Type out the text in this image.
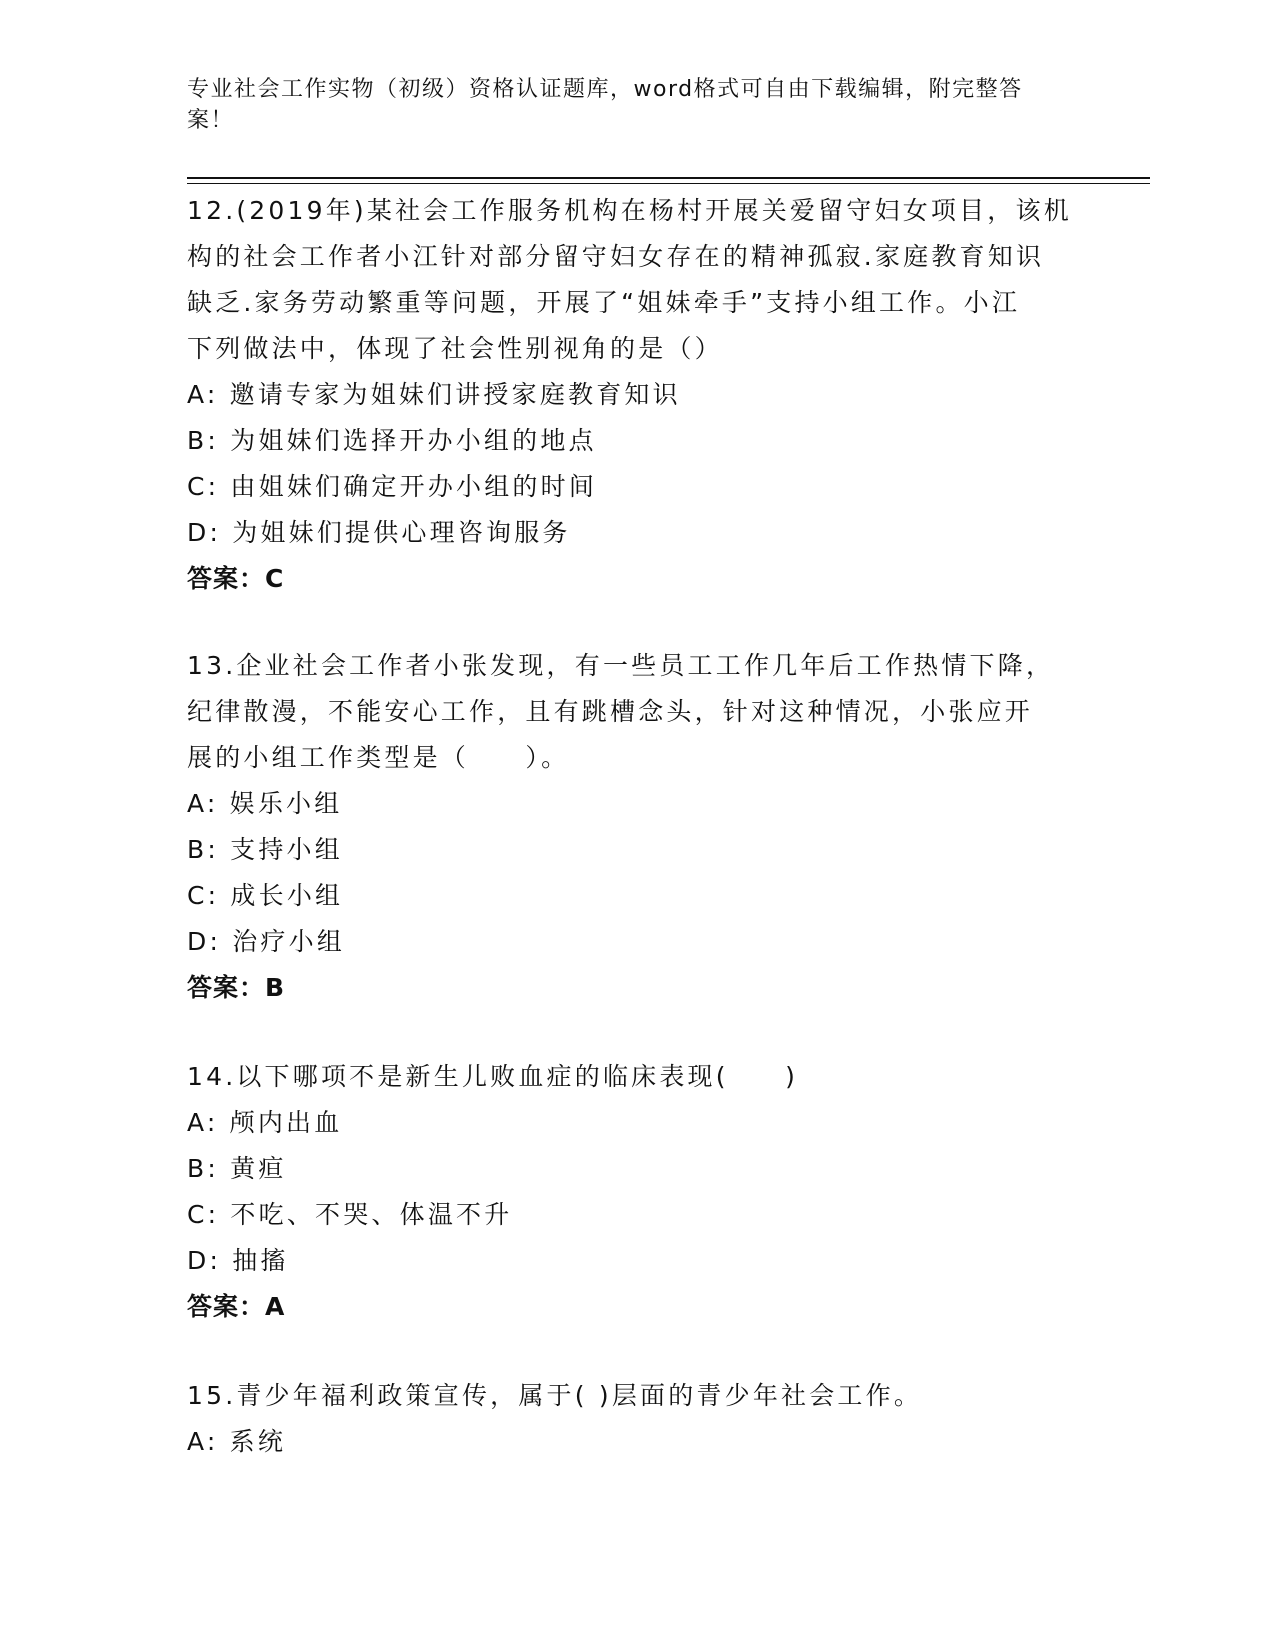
专业社会工作实物（初级）资格认证题库，word格式可自由下载编辑，附完整答案！

12.(2019年)某社会工作服务机构在杨村开展关爱留守妇女项目，该机

构的社会工作者小江针对部分留守妇女存在的精神孤寂.家庭教育知识

缺乏.家务劳动繁重等问题，开展了“姐妹牵手”支持小组工作。小江

下列做法中，体现了社会性别视角的是（）

A: 邀请专家为姐妹们讲授家庭教育知识

B: 为姐妹们选择开办小组的地点

C: 由姐妹们确定开办小组的时间

D: 为姐妹们提供心理咨询服务

答案：C

13.企业社会工作者小张发现，有一些员工工作几年后工作热情下降，

纪律散漫，不能安心工作，且有跳槽念头，针对这种情况，小张应开

展的小组工作类型是（　　）。

A: 娱乐小组

B: 支持小组

C: 成长小组

D: 治疗小组

答案：B

14.以下哪项不是新生儿败血症的临床表现(　　)

A: 颅内出血

B: 黄疸

C: 不吃、不哭、体温不升

D: 抽搐

答案：A

15.青少年福利政策宣传，属于( )层面的青少年社会工作。

A: 系统
